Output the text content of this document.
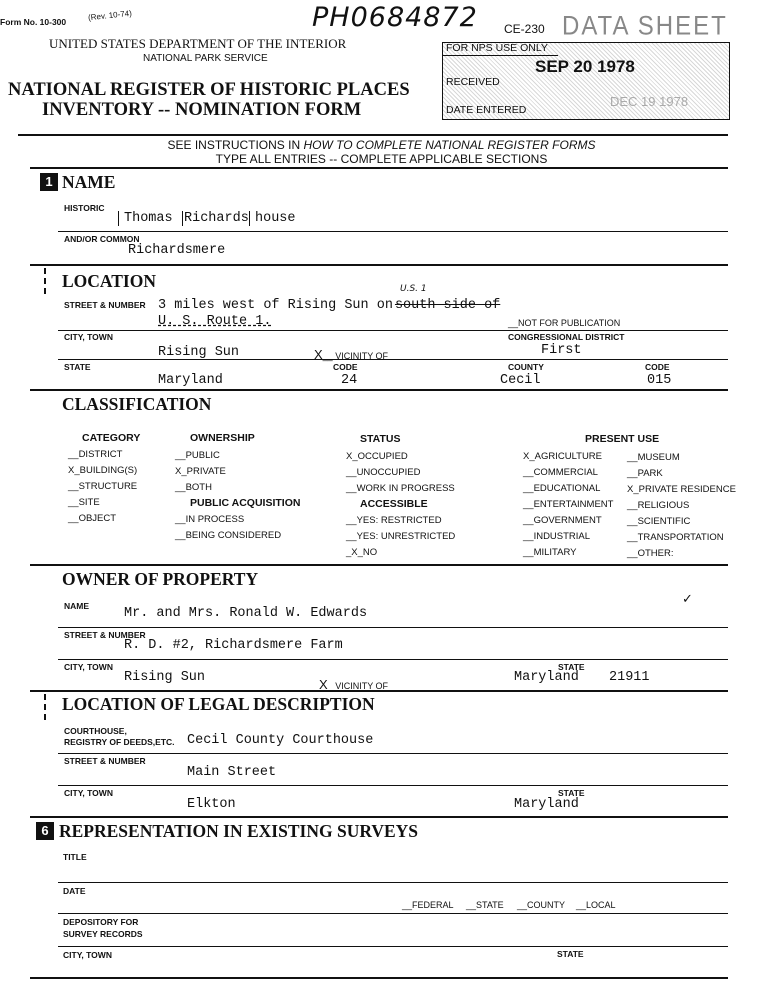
Form No. 10-300	(Rev. 10-74)	PH0684872 CE-230 DATA SHEET
UNITED STATES DEPARTMENT OF THE INTERIOR
NATIONAL PARK SERVICE
NATIONAL REGISTER OF HISTORIC PLACES
INVENTORY -- NOMINATION FORM
FOR NPS USE ONLY
RECEIVED
SEP 20 1978
DATE ENTERED
DEC 19 1978
SEE INSTRUCTIONS IN HOW TO COMPLETE NATIONAL REGISTER FORMS
TYPE ALL ENTRIES -- COMPLETE APPLICABLE SECTIONS
1 NAME
HISTORIC
Thomas Richards house
AND/OR COMMON
Richardsmere
LOCATION	U.S. 1
STREET & NUMBER 3 miles west of Rising Sun on south side of
U. S. Route 1.	__NOT FOR PUBLICATION
CITY, TOWN	CONGRESSIONAL DISTRICT
Rising Sun	X__ VICINITY OF	First
STATE	CODE	COUNTY	CODE
Maryland	24	Cecil	015
CLASSIFICATION
CATEGORY
__DISTRICT
X_BUILDING(S)
__STRUCTURE
__SITE
__OBJECT
OWNERSHIP
__PUBLIC
X_PRIVATE
__BOTH
PUBLIC ACQUISITION
__IN PROCESS
__BEING CONSIDERED
STATUS
X_OCCUPIED
__UNOCCUPIED
__WORK IN PROGRESS
ACCESSIBLE
__YES: RESTRICTED
__YES: UNRESTRICTED
_X_NO
PRESENT USE
X_AGRICULTURE
__COMMERCIAL
__EDUCATIONAL
__ENTERTAINMENT
__GOVERNMENT
__INDUSTRIAL
__MILITARY
__MUSEUM
__PARK
X_PRIVATE RESIDENCE
__RELIGIOUS
__SCIENTIFIC
__TRANSPORTATION
__OTHER:
OWNER OF PROPERTY
NAME	Mr. and Mrs. Ronald W. Edwards
✓
STREET & NUMBER
R. D. #2, Richardsmere Farm
CITY, TOWN	STATE
Rising Sun
_X_ VICINITY OF
Maryland 21911
LOCATION OF LEGAL DESCRIPTION
COURTHOUSE,
REGISTRY OF DEEDS,ETC. Cecil County Courthouse
STREET & NUMBER
Main Street
CITY, TOWN	STATE
Elkton	Maryland
6 REPRESENTATION IN EXISTING SURVEYS
TITLE
DATE
__FEDERAL __STATE __COUNTY __LOCAL
DEPOSITORY FOR
SURVEY RECORDS
CITY, TOWN	STATE
